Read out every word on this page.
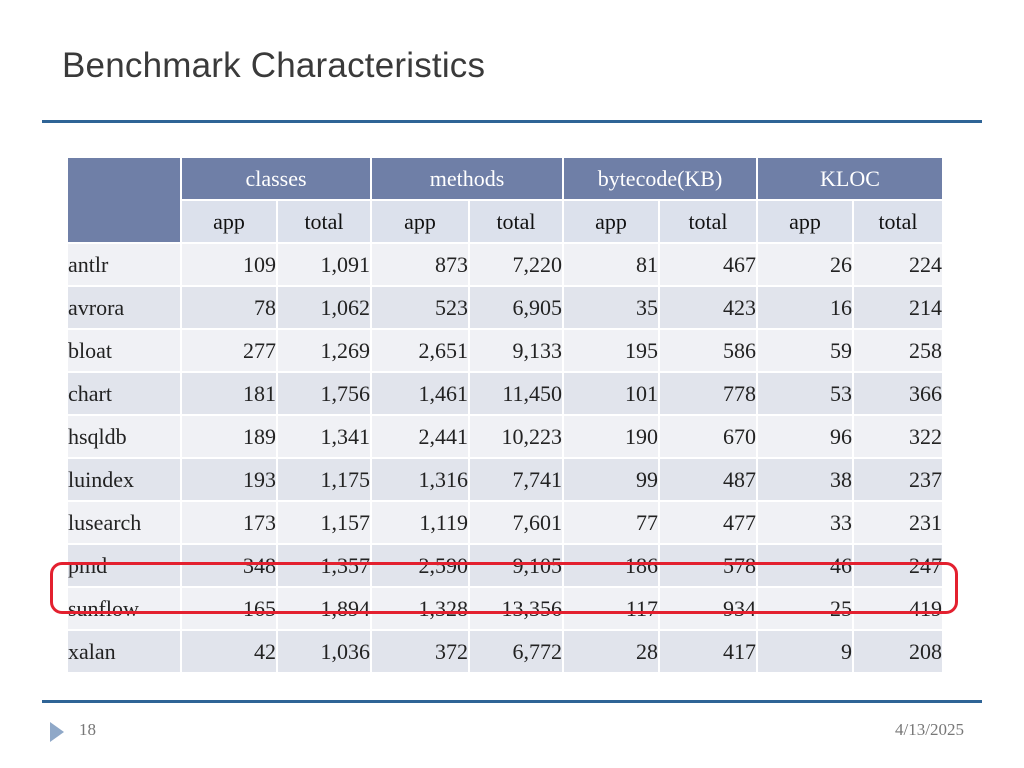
Benchmark Characteristics
	classes		methods		bytecode(KB)		KLOC	
	app	total	app	total	app	total	app	total
antlr	109	1,091	873	7,220	81	467	26	224
avrora	78	1,062	523	6,905	35	423	16	214
bloat	277	1,269	2,651	9,133	195	586	59	258
chart	181	1,756	1,461	11,450	101	778	53	366
hsqldb	189	1,341	2,441	10,223	190	670	96	322
luindex	193	1,175	1,316	7,741	99	487	38	237
lusearch	173	1,157	1,119	7,601	77	477	33	231
pmd	348	1,357	2,590	9,105	186	578	46	247
sunflow	165	1,894	1,328	13,356	117	934	25	419
xalan	42	1,036	372	6,772	28	417	9	208
18	4/13/2025
